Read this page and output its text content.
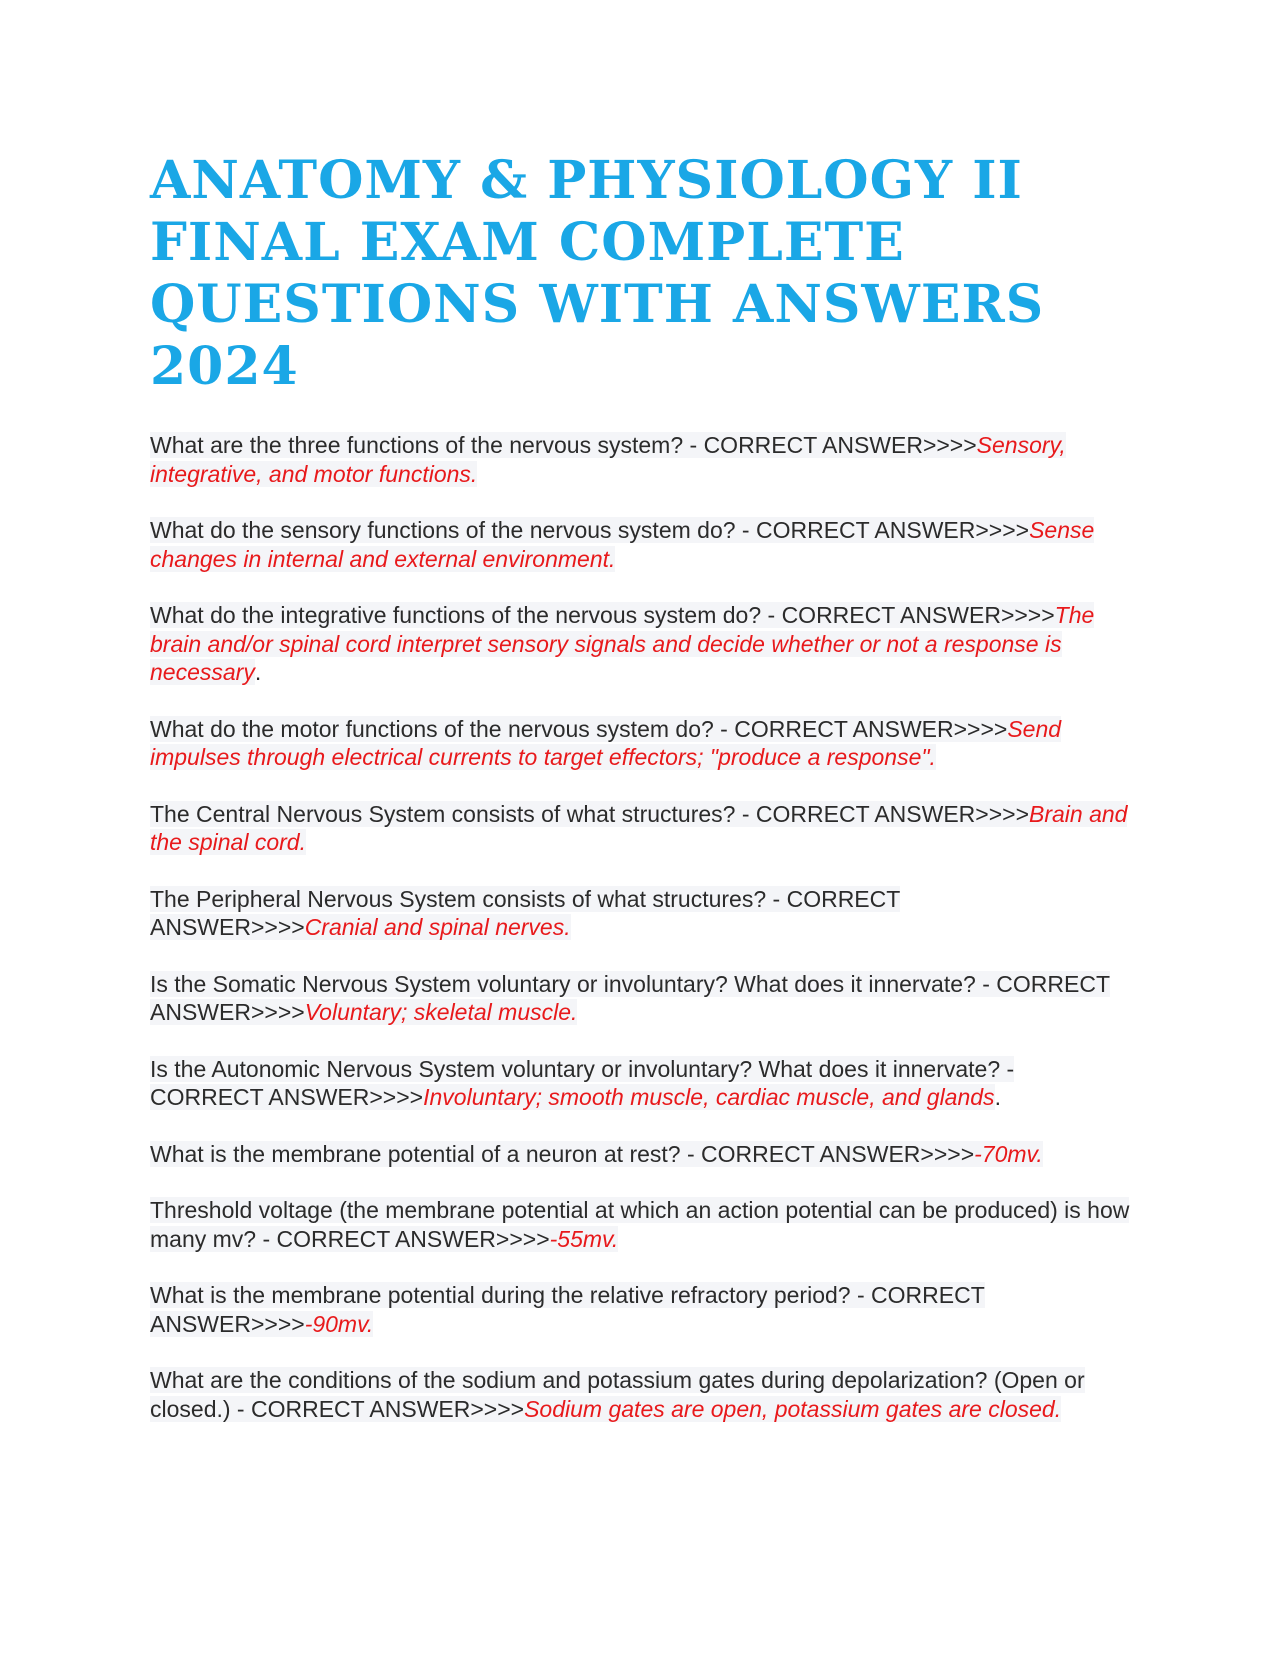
ANATOMY & PHYSIOLOGY II FINAL EXAM COMPLETE QUESTIONS WITH ANSWERS 2024

What are the three functions of the nervous system? - CORRECT ANSWER>>>>Sensory, integrative, and motor functions.

What do the sensory functions of the nervous system do? - CORRECT ANSWER>>>>Sense changes in internal and external environment.

What do the integrative functions of the nervous system do? - CORRECT ANSWER>>>>The brain and/or spinal cord interpret sensory signals and decide whether or not a response is necessary.

What do the motor functions of the nervous system do? - CORRECT ANSWER>>>>Send impulses through electrical currents to target effectors; "produce a response".

The Central Nervous System consists of what structures? - CORRECT ANSWER>>>>Brain and the spinal cord.

The Peripheral Nervous System consists of what structures? - CORRECT ANSWER>>>>Cranial and spinal nerves.

Is the Somatic Nervous System voluntary or involuntary? What does it innervate? - CORRECT ANSWER>>>>Voluntary; skeletal muscle.

Is the Autonomic Nervous System voluntary or involuntary? What does it innervate? - CORRECT ANSWER>>>>Involuntary; smooth muscle, cardiac muscle, and glands.

What is the membrane potential of a neuron at rest? - CORRECT ANSWER>>>>-70mv.

Threshold voltage (the membrane potential at which an action potential can be produced) is how many mv? - CORRECT ANSWER>>>>-55mv.

What is the membrane potential during the relative refractory period? - CORRECT ANSWER>>>>-90mv.

What are the conditions of the sodium and potassium gates during depolarization? (Open or closed.) - CORRECT ANSWER>>>>Sodium gates are open, potassium gates are closed.
